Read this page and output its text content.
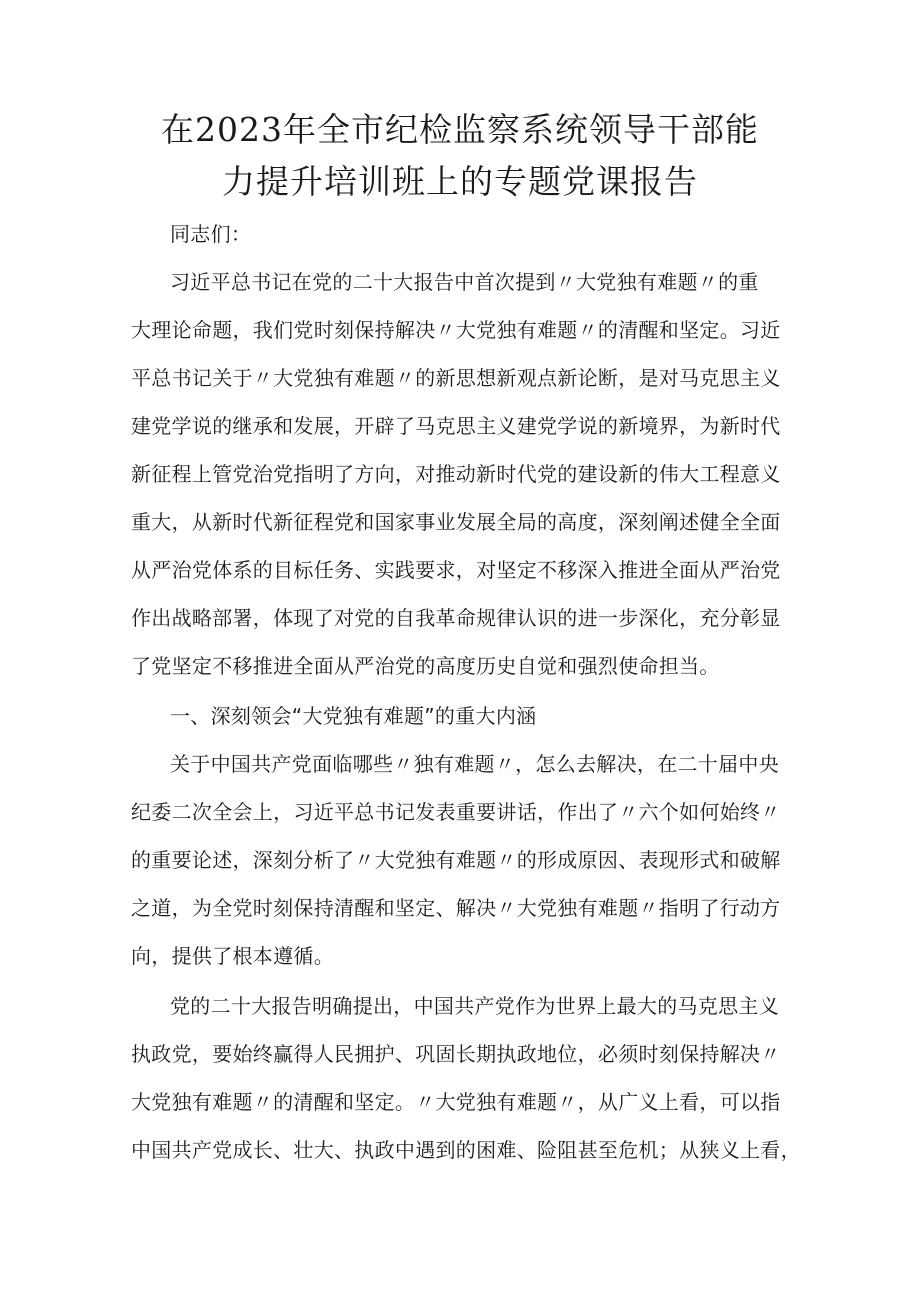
在2023年全市纪检监察系统领导干部能
力提升培训班上的专题党课报告
同志们：
习近平总书记在党的二十大报告中首次提到〃大党独有难题〃的重
大理论命题，我们党时刻保持解决〃大党独有难题〃的清醒和坚定。习近
平总书记关于〃大党独有难题〃的新思想新观点新论断，是对马克思主义
建党学说的继承和发展，开辟了马克思主义建党学说的新境界，为新时代
新征程上管党治党指明了方向，对推动新时代党的建设新的伟大工程意义
重大，从新时代新征程党和国家事业发展全局的高度，深刻阐述健全全面
从严治党体系的目标任务、实践要求，对坚定不移深入推进全面从严治党
作出战略部署，体现了对党的自我革命规律认识的进一步深化，充分彰显
了党坚定不移推进全面从严治党的高度历史自觉和强烈使命担当。
一、深刻领会“大党独有难题”的重大内涵
关于中国共产党面临哪些〃独有难题〃，怎么去解决，在二十届中央
纪委二次全会上，习近平总书记发表重要讲话，作出了〃六个如何始终〃
的重要论述，深刻分析了〃大党独有难题〃的形成原因、表现形式和破解
之道，为全党时刻保持清醒和坚定、解决〃大党独有难题〃指明了行动方
向，提供了根本遵循。
党的二十大报告明确提出，中国共产党作为世界上最大的马克思主义
执政党，要始终赢得人民拥护、巩固长期执政地位，必须时刻保持解决〃
大党独有难题〃的清醒和坚定。〃大党独有难题〃，从广义上看，可以指
中国共产党成长、壮大、执政中遇到的困难、险阻甚至危机；从狭义上看，
